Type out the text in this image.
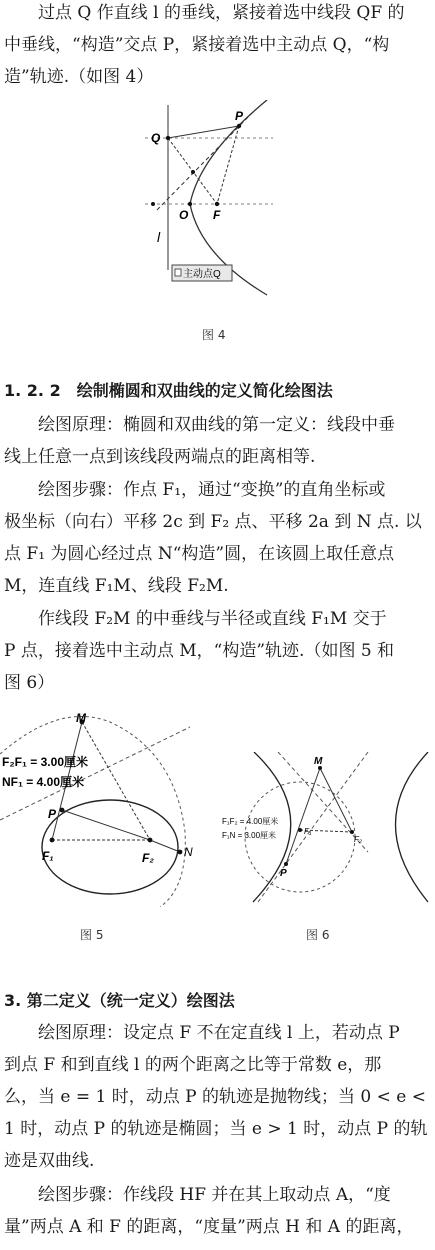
过点 Q 作直线 l 的垂线，紧接着选中线段 QF 的
中垂线，“构造”交点 P，紧接着选中主动点 Q，“构
造”轨迹.（如图 4）
Q
P
O F
l
主动点Q
图 4
1. 2. 2　绘制椭圆和双曲线的定义简化绘图法
绘图原理：椭圆和双曲线的第一定义：线段中垂
线上任意一点到该线段两端点的距离相等.
绘图步骤：作点 F₁，通过“变换”的直角坐标或
极坐标（向右）平移 2c 到 F₂ 点、平移 2a 到 N 点. 以
点 F₁ 为圆心经过点 N“构造”圆，在该圆上取任意点
M，连直线 F₁M、线段 F₂M.
作线段 F₂M 的中垂线与半径或直线 F₁M 交于
P 点，接着选中主动点 M，“构造”轨迹.（如图 5 和
图 6）
F₂F₁ = 3.00厘米
NF₁ = 4.00厘米
M
P
F₁	F₂	N
图 5
F₁F₂ = 4.00厘米
F₁N = 3.00厘米
M
P
F₁
F₂
图 6
3. 第二定义（统一定义）绘图法
绘图原理：设定点 F 不在定直线 l 上，若动点 P
到点 F 和到直线 l 的两个距离之比等于常数 e，那
么，当 e = 1 时，动点 P 的轨迹是抛物线；当 0 < e <
1 时，动点 P 的轨迹是椭圆；当 e > 1 时，动点 P 的轨
迹是双曲线.
绘图步骤：作线段 HF 并在其上取动点 A，“度
量”两点 A 和 F 的距离，“度量”两点 H 和 A 的距离，
